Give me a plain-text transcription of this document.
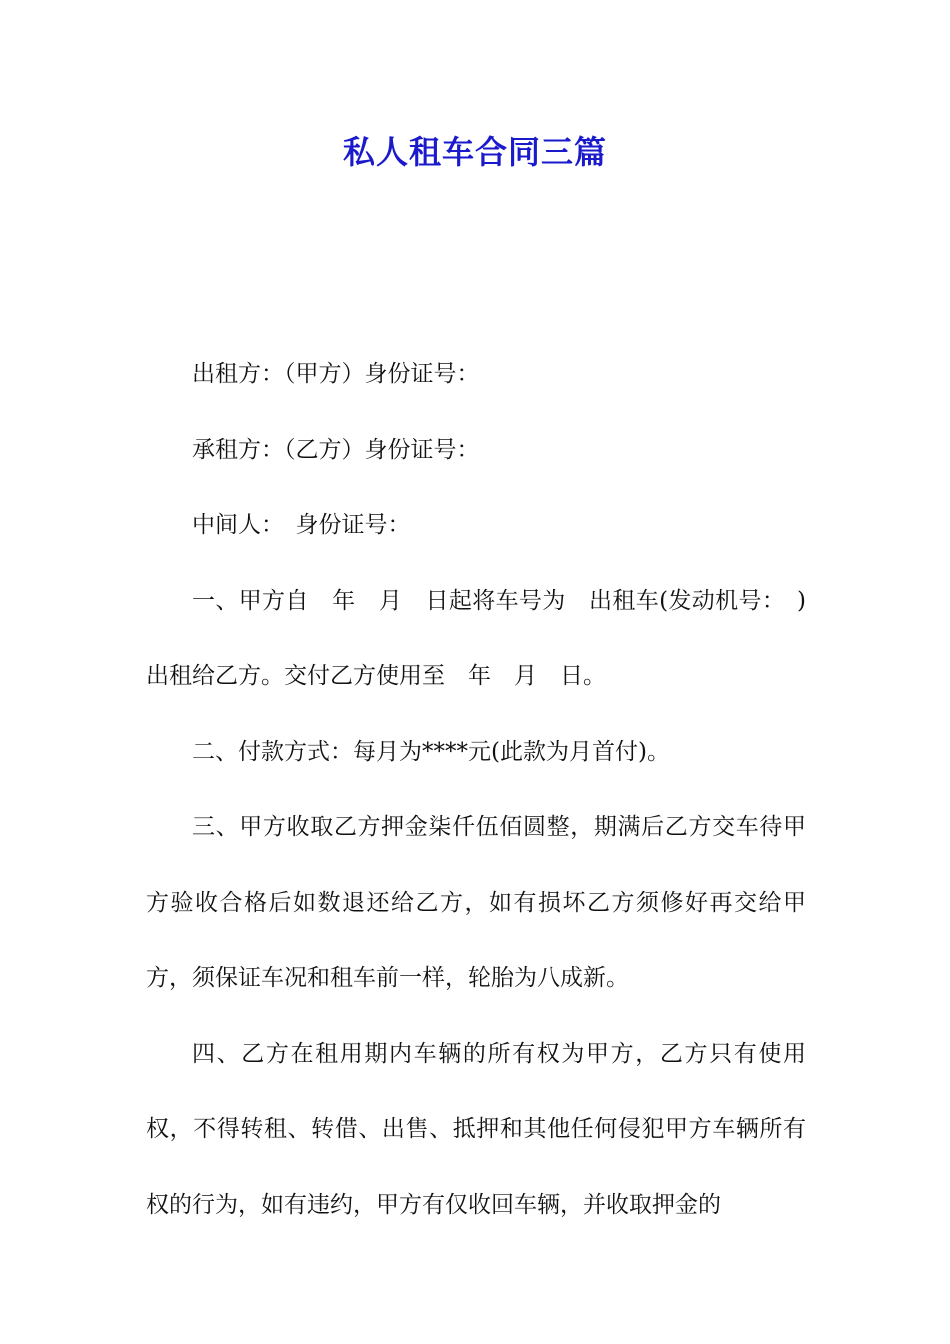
私人租车合同三篇

出租方：（甲方）身份证号：

承租方：（乙方）身份证号：

中间人：　身份证号：

一、甲方自　年　月　日起将车号为　出租车(发动机号：　)出租给乙方。交付乙方使用至　年　月　日。

二、付款方式：每月为****元(此款为月首付)。

三、甲方收取乙方押金柒仟伍佰圆整，期满后乙方交车待甲方验收合格后如数退还给乙方，如有损坏乙方须修好再交给甲方，须保证车况和租车前一样，轮胎为八成新。

四、乙方在租用期内车辆的所有权为甲方，乙方只有使用权，不得转租、转借、出售、抵押和其他任何侵犯甲方车辆所有权的行为，如有违约，甲方有仅收回车辆，并收取押金的
